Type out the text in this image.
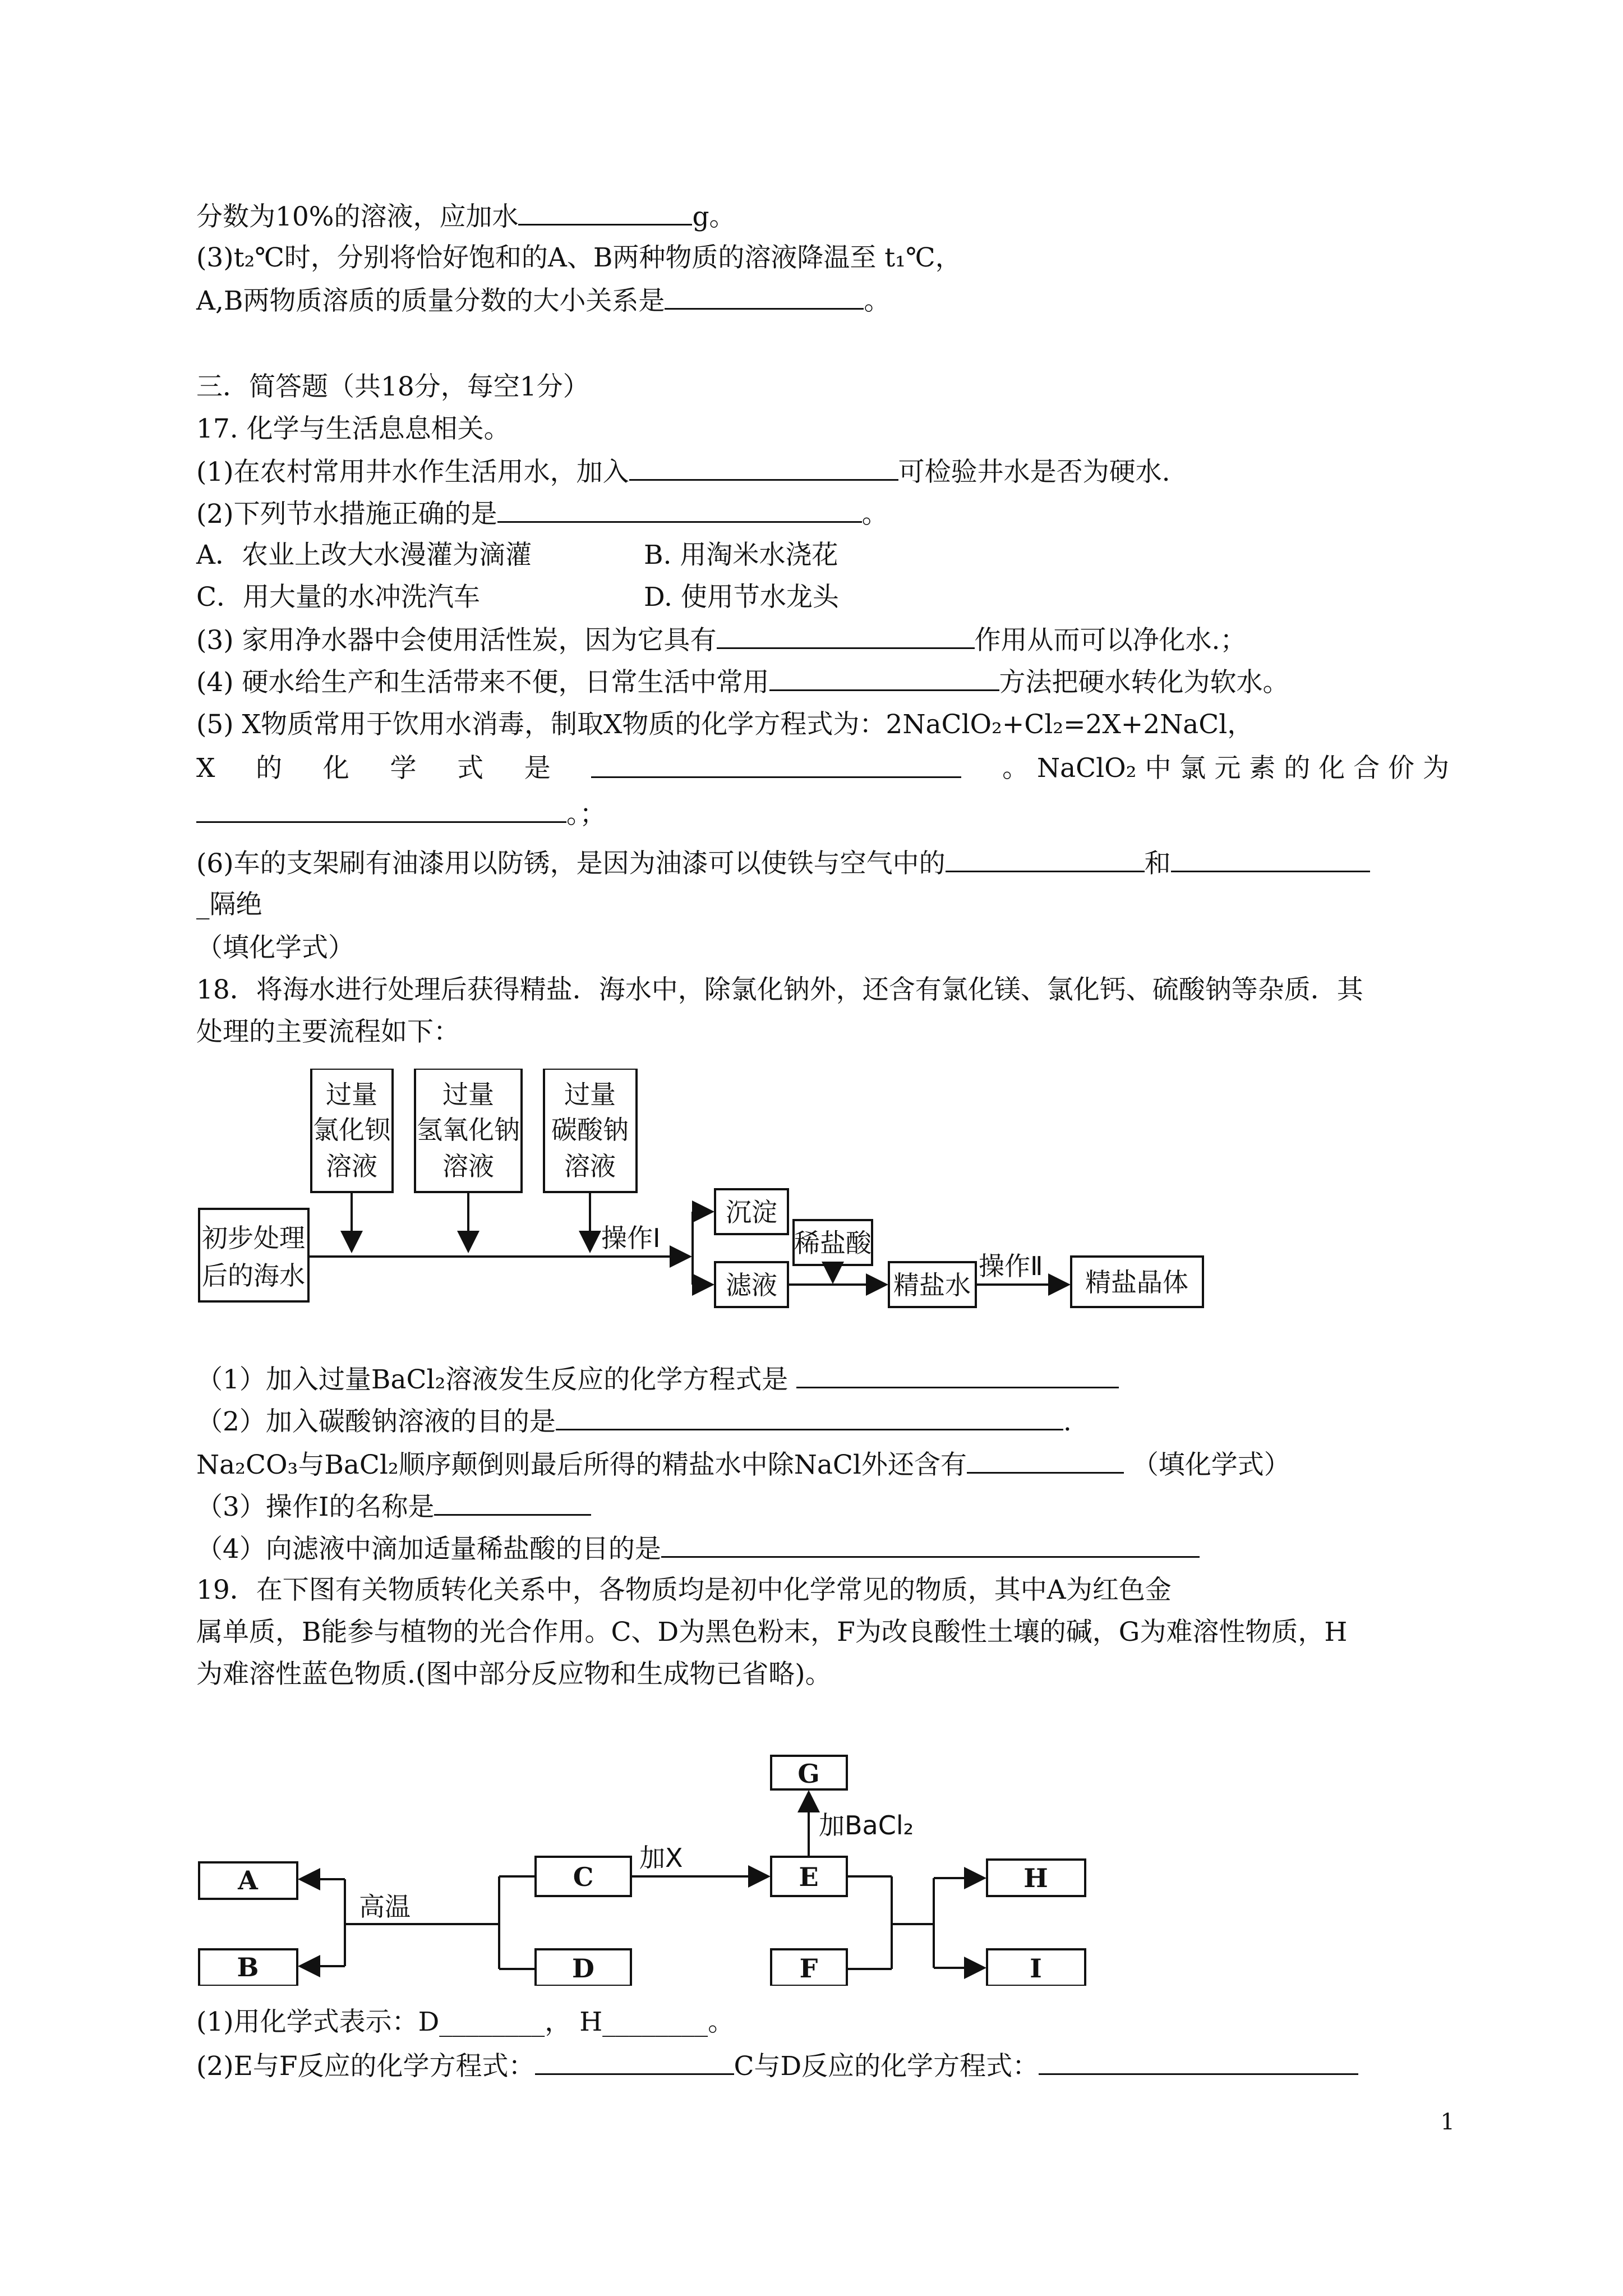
分数为10%的溶液，应加水	g。
(3)t₂℃时，分别将恰好饱和的A、B两种物质的溶液降温至 t₁℃，
A,B两物质溶质的质量分数的大小关系是	。
三．简答题（共18分，每空1分）
17. 化学与生活息息相关。
(1)在农村常用井水作生活用水，加入	可检验井水是否为硬水.
(2)下列节水措施正确的是	。
A．农业上改大水漫灌为滴灌	B. 用淘米水浇花
C．用大量的水冲洗汽车	D. 使用节水龙头
(3) 家用净水器中会使用活性炭，因为它具有	作用从而可以净化水.；
(4) 硬水给生产和生活带来不便，日常生活中常用	方法把硬水转化为软水。
(5) X物质常用于饮用水消毒，制取X物质的化学方程式为：2NaClO₂+Cl₂=2X+2NaCl，
X 的 化 学 式 是	。 NaClO₂ 中 氯 元 素 的 化 合 价 为
。；
(6)车的支架刷有油漆用以防锈，是因为油漆可以使铁与空气中的	和
_隔绝
（填化学式）
18．将海水进行处理后获得精盐．海水中，除氯化钠外，还含有氯化镁、氯化钙、硫酸钠等杂质．其
处理的主要流程如下：
过量
氯化钡
溶液
过量
氢氧化钠
溶液
过量
碳酸钠
溶液
初步处理
后的海水
操作Ⅰ
沉淀
稀盐酸
滤液	精盐水
操作Ⅱ
精盐晶体
（1）加入过量BaCl₂溶液发生反应的化学方程式是
（2）加入碳酸钠溶液的目的是	.
Na₂CO₃与BaCl₂顺序颠倒则最后所得的精盐水中除NaCl外还含有	（填化学式）
（3）操作Ⅰ的名称是
（4）向滤液中滴加适量稀盐酸的目的是
19．在下图有关物质转化关系中，各物质均是初中化学常见的物质，其中A为红色金
属单质，B能参与植物的光合作用。C、D为黑色粉末，F为改良酸性土壤的碱，G为难溶性物质，H
为难溶性蓝色物质.(图中部分反应物和生成物已省略)。
A
B
C
D
E
F
G
H
I
高温
加X
加BaCl₂
(1)用化学式表示：D________， H________。
(2)E与F反应的化学方程式：	C与D反应的化学方程式：
1
